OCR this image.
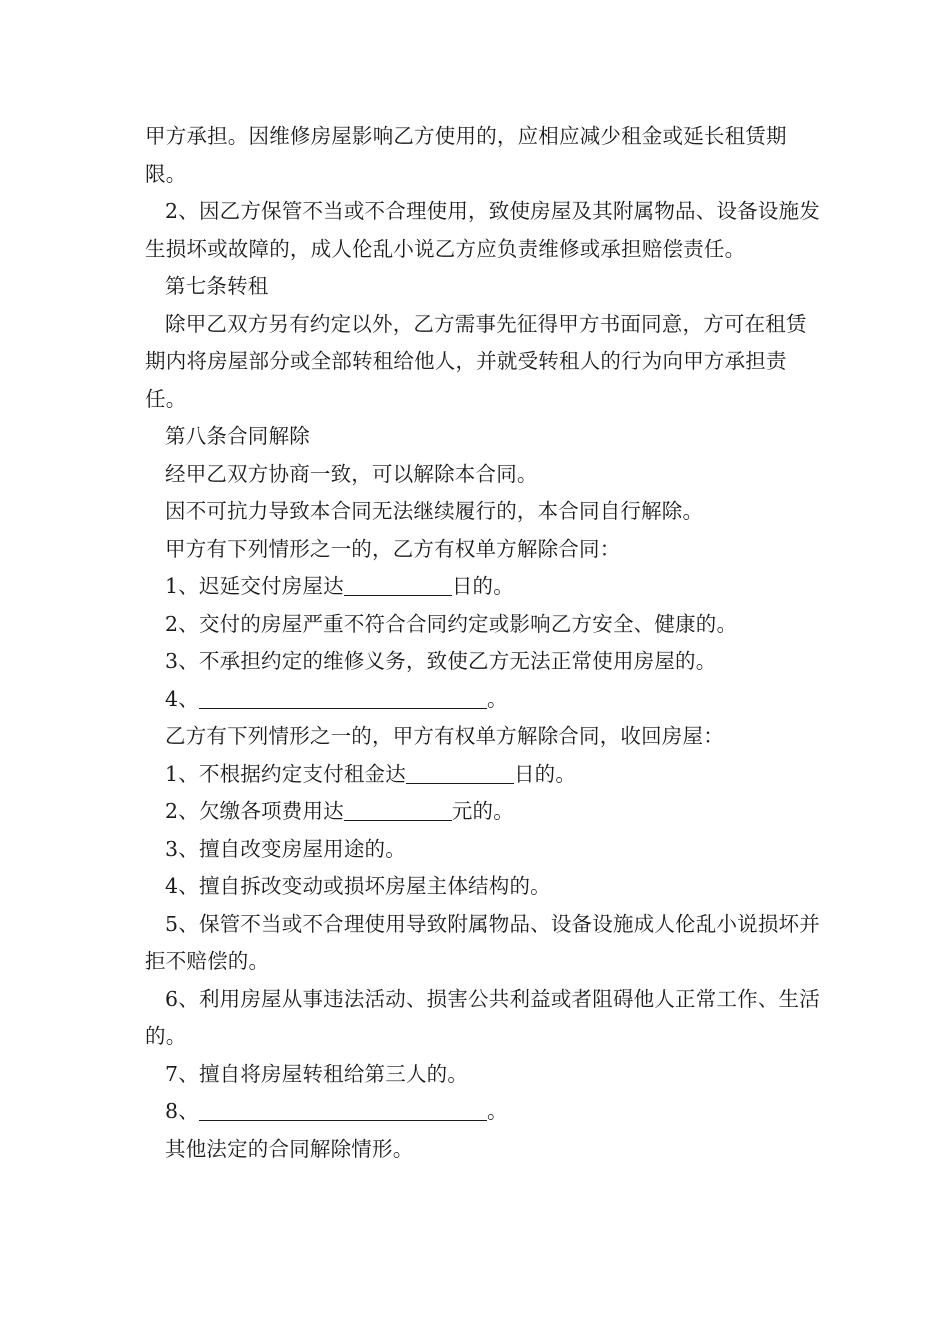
甲方承担。因维修房屋影响乙方使用的，应相应减少租金或延长租赁期限。

2、因乙方保管不当或不合理使用，致使房屋及其附属物品、设备设施发生损坏或故障的，成人伦乱小说乙方应负责维修或承担赔偿责任。

第七条转租

除甲乙双方另有约定以外，乙方需事先征得甲方书面同意，方可在租赁期内将房屋部分或全部转租给他人，并就受转租人的行为向甲方承担责任。

第八条合同解除

经甲乙双方协商一致，可以解除本合同。

因不可抗力导致本合同无法继续履行的，本合同自行解除。

甲方有下列情形之一的，乙方有权单方解除合同：

1、迟延交付房屋达	日的。

2、交付的房屋严重不符合合同约定或影响乙方安全、健康的。

3、不承担约定的维修义务，致使乙方无法正常使用房屋的。

4、	。

乙方有下列情形之一的，甲方有权单方解除合同，收回房屋：

1、不根据约定支付租金达	日的。

2、欠缴各项费用达	元的。

3、擅自改变房屋用途的。

4、擅自拆改变动或损坏房屋主体结构的。

5、保管不当或不合理使用导致附属物品、设备设施成人伦乱小说损坏并拒不赔偿的。

6、利用房屋从事违法活动、损害公共利益或者阻碍他人正常工作、生活的。

7、擅自将房屋转租给第三人的。

8、	。

其他法定的合同解除情形。
